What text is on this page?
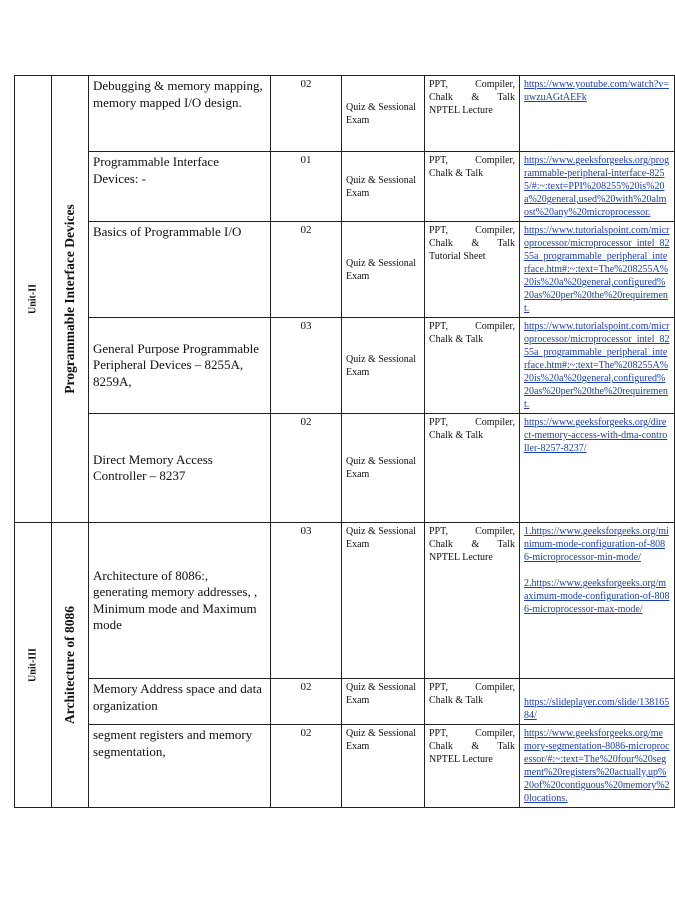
Unit-II	Programmable Interface Devices	Debugging & memory mapping, memory mapped I/O design.	02	Quiz & Sessional Exam	PPT, Compiler, Chalk & Talk NPTEL Lecture	https://www.youtube.com/watch?v=uwzuAGtAEFk
		Programmable Interface Devices: -	01	Quiz & Sessional Exam	PPT, Compiler, Chalk & Talk	https://www.geeksforgeeks.org/programmable-peripheral-interface-8255/#:~:text=PPI%208255%20is%20a%20general,used%20with%20almost%20any%20microprocessor.
		Basics of Programmable I/O	02	Quiz & Sessional Exam	PPT, Compiler, Chalk & Talk Tutorial Sheet	https://www.tutorialspoint.com/microprocessor/microprocessor_intel_8255a_programmable_peripheral_interface.htm#:~:text=The%208255A%20is%20a%20general,configured%20as%20per%20the%20requirement.
		General Purpose Programmable Peripheral Devices – 8255A, 8259A,	03	Quiz & Sessional Exam	PPT, Compiler, Chalk & Talk	https://www.tutorialspoint.com/microprocessor/microprocessor_intel_8255a_programmable_peripheral_interface.htm#:~:text=The%208255A%20is%20a%20general,configured%20as%20per%20the%20requirement.
		Direct Memory Access Controller – 8237	02	Quiz & Sessional Exam	PPT, Compiler, Chalk & Talk	https://www.geeksforgeeks.org/direct-memory-access-with-dma-controller-8257-8237/

Unit-III	Architecture of 8086	Architecture of 8086:, generating memory addresses, , Minimum mode and Maximum mode	03	Quiz & Sessional Exam	PPT, Compiler, Chalk & Talk NPTEL Lecture	1.https://www.geeksforgeeks.org/minimum-mode-configuration-of-8086-microprocessor-min-mode/
2.https://www.geeksforgeeks.org/maximum-mode-configuration-of-8086-microprocessor-max-mode/
		Memory Address space and data organization	02	Quiz & Sessional Exam	PPT, Compiler, Chalk & Talk	https://slideplayer.com/slide/13816584/
		segment registers and memory segmentation,	02	Quiz & Sessional Exam	PPT, Compiler, Chalk & Talk NPTEL Lecture	https://www.geeksforgeeks.org/memory-segmentation-8086-microprocessor/#:~:text=The%20four%20segment%20registers%20actually,up%20of%20contiguous%20memory%20locations.
